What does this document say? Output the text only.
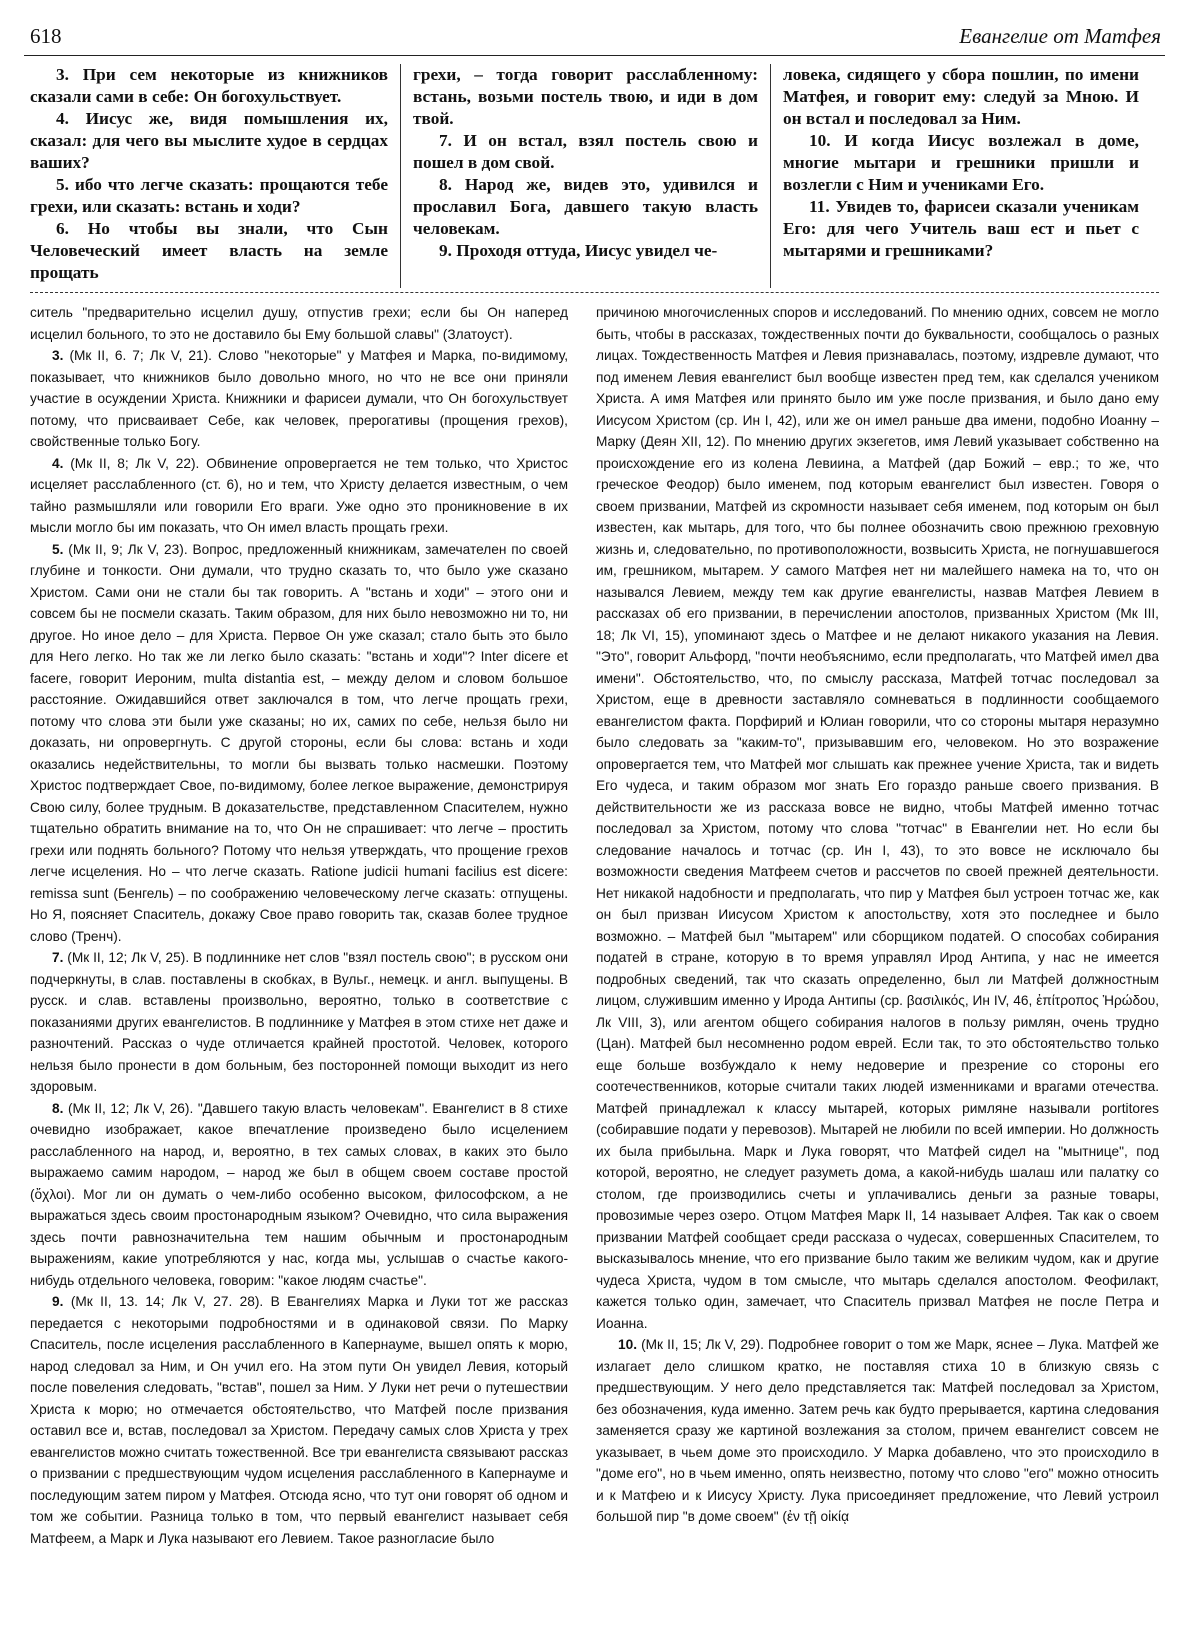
618	Евангелие от Матфея

3. При сем некоторые из книжников сказали сами в себе: Он богохульствует.

4. Иисус же, видя помышления их, сказал: для чего вы мыслите худое в сердцах ваших?

5. ибо что легче сказать: прощаются тебе грехи, или сказать: встань и ходи?

6. Но чтобы вы знали, что Сын Человеческий имеет власть на земле прощать

грехи, – тогда говорит расслабленному: встань, возьми постель твою, и иди в дом твой.

7. И он встал, взял постель свою и пошел в дом свой.

8. Народ же, видев это, удивился и прославил Бога, давшего такую власть человекам.

9. Проходя оттуда, Иисус увидел че-

ловека, сидящего у сбора пошлин, по имени Матфея, и говорит ему: следуй за Мною. И он встал и последовал за Ним.

10. И когда Иисус возлежал в доме, многие мытари и грешники пришли и возлегли с Ним и учениками Его.

11. Увидев то, фарисеи сказали ученикам Его: для чего Учитель ваш ест и пьет с мытарями и грешниками?

ситель "предварительно исцелил душу, отпустив грехи; если бы Он наперед исцелил больного, то это не доставило бы Ему большой славы" (Златоуст).

3. (Мк II, 6. 7; Лк V, 21). Слово "некоторые" у Матфея и Марка, по-видимому, показывает, что книжников было довольно много, но что не все они приняли участие в осуждении Христа. Книжники и фарисеи думали, что Он богохульствует потому, что присваивает Себе, как человек, прерогативы (прощения грехов), свойственные только Богу.

4. (Мк II, 8; Лк V, 22). Обвинение опровергается не тем только, что Христос исцеляет расслабленного (ст. 6), но и тем, что Христу делается известным, о чем тайно размышляли или говорили Его враги. Уже одно это проникновение в их мысли могло бы им показать, что Он имел власть прощать грехи.

5. (Мк II, 9; Лк V, 23). Вопрос, предложенный книжникам, замечателен по своей глубине и тонкости. Они думали, что трудно сказать то, что было уже сказано Христом. Сами они не стали бы так говорить. А "встань и ходи" – этого они и совсем бы не посмели сказать. Таким образом, для них было невозможно ни то, ни другое. Но иное дело – для Христа. Первое Он уже сказал; стало быть это было для Него легко. Но так же ли легко было сказать: "встань и ходи"? Inter dicere et facere, говорит Иероним, multa distantia est, – между делом и словом большое расстояние. Ожидавшийся ответ заключался в том, что легче прощать грехи, потому что слова эти были уже сказаны; но их, самих по себе, нельзя было ни доказать, ни опровергнуть. С другой стороны, если бы слова: встань и ходи оказались недействительны, то могли бы вызвать только насмешки. Поэтому Христос подтверждает Свое, по-видимому, более легкое выражение, демонстрируя Свою силу, более трудным. В доказательстве, представленном Спасителем, нужно тщательно обратить внимание на то, что Он не спрашивает: что легче – простить грехи или поднять больного? Потому что нельзя утверждать, что прощение грехов легче исцеления. Но – что легче сказать. Ratione judicii humani facilius est dicere: remissa sunt (Бенгель) – по соображению человеческому легче сказать: отпущены. Но Я, поясняет Спаситель, докажу Свое право говорить так, сказав более трудное слово (Тренч).

7. (Мк II, 12; Лк V, 25). В подлиннике нет слов "взял постель свою"; в русском они подчеркнуты, в слав. поставлены в скобках, в Вульг., немецк. и англ. выпущены. В русск. и слав. вставлены произвольно, вероятно, только в соответствие с показаниями других евангелистов. В подлиннике у Матфея в этом стихе нет даже и разночтений. Рассказ о чуде отличается крайней простотой. Человек, которого нельзя было пронести в дом больным, без посторонней помощи выходит из него здоровым.

8. (Мк II, 12; Лк V, 26). "Давшего такую власть человекам". Евангелист в 8 стихе очевидно изображает, какое впечатление произведено было исцелением расслабленного на народ, и, вероятно, в тех самых словах, в каких это было выражаемо самим народом, – народ же был в общем своем составе простой (ὄχλοι). Мог ли он думать о чем-либо особенно высоком, философском, а не выражаться здесь своим простонародным языком? Очевидно, что сила выражения здесь почти равнозначительна тем нашим обычным и простонародным выражениям, какие употребляются у нас, когда мы, услышав о счастье какого-нибудь отдельного человека, говорим: "какое людям счастье".

9. (Мк II, 13. 14; Лк V, 27. 28). В Евангелиях Марка и Луки тот же рассказ передается с некоторыми подробностями и в одинаковой связи. По Марку Спаситель, после исцеления расслабленного в Капернауме, вышел опять к морю, народ следовал за Ним, и Он учил его. На этом пути Он увидел Левия, который после повеления следовать, "встав", пошел за Ним. У Луки нет речи о путешествии Христа к морю; но отмечается обстоятельство, что Матфей после призвания оставил все и, встав, последовал за Христом. Передачу самых слов Христа у трех евангелистов можно считать тожественной. Все три евангелиста связывают рассказ о призвании с предшествующим чудом исцеления расслабленного в Капернауме и последующим затем пиром у Матфея. Отсюда ясно, что тут они говорят об одном и том же событии. Разница только в том, что первый евангелист называет себя Матфеем, а Марк и Лука называют его Левием. Такое разногласие было

причиною многочисленных споров и исследований. По мнению одних, совсем не могло быть, чтобы в рассказах, тождественных почти до буквальности, сообщалось о разных лицах. Тождественность Матфея и Левия признавалась, поэтому, издревле думают, что под именем Левия евангелист был вообще известен пред тем, как сделался учеником Христа. А имя Матфея или принято было им уже после призвания, и было дано ему Иисусом Христом (ср. Ин I, 42), или же он имел раньше два имени, подобно Иоанну – Марку (Деян XII, 12). По мнению других экзегетов, имя Левий указывает собственно на происхождение его из колена Левиина, а Матфей (дар Божий – евр.; то же, что греческое Феодор) было именем, под которым евангелист был известен. Говоря о своем призвании, Матфей из скромности называет себя именем, под которым он был известен, как мытарь, для того, что бы полнее обозначить свою прежнюю греховную жизнь и, следовательно, по противоположности, возвысить Христа, не погнушавшегося им, грешником, мытарем. У самого Матфея нет ни малейшего намека на то, что он назывался Левием, между тем как другие евангелисты, назвав Матфея Левием в рассказах об его призвании, в перечислении апостолов, призванных Христом (Мк III, 18; Лк VI, 15), упоминают здесь о Матфее и не делают никакого указания на Левия. "Это", говорит Альфорд, "почти необъяснимо, если предполагать, что Матфей имел два имени". Обстоятельство, что, по смыслу рассказа, Матфей тотчас последовал за Христом, еще в древности заставляло сомневаться в подлинности сообщаемого евангелистом факта. Порфирий и Юлиан говорили, что со стороны мытаря неразумно было следовать за "каким-то", призывавшим его, человеком. Но это возражение опровергается тем, что Матфей мог слышать как прежнее учение Христа, так и видеть Его чудеса, и таким образом мог знать Его гораздо раньше своего призвания. В действительности же из рассказа вовсе не видно, чтобы Матфей именно тотчас последовал за Христом, потому что слова "тотчас" в Евангелии нет. Но если бы следование началось и тотчас (ср. Ин I, 43), то это вовсе не исключало бы возможности сведения Матфеем счетов и рассчетов по своей прежней деятельности. Нет никакой надобности и предполагать, что пир у Матфея был устроен тотчас же, как он был призван Иисусом Христом к апостольству, хотя это последнее и было возможно. – Матфей был "мытарем" или сборщиком податей. О способах собирания податей в стране, которую в то время управлял Ирод Антипа, у нас не имеется подробных сведений, так что сказать определенно, был ли Матфей должностным лицом, служившим именно у Ирода Антипы (ср. βασιλικός, Ин IV, 46, ἐπίτροπος Ἡρώδου, Лк VIII, 3), или агентом общего собирания налогов в пользу римлян, очень трудно (Цан). Матфей был несомненно родом еврей. Если так, то это обстоятельство только еще больше возбуждало к нему недоверие и презрение со стороны его соотечественников, которые считали таких людей изменниками и врагами отечества. Матфей принадлежал к классу мытарей, которых римляне называли portitores (собиравшие подати у перевозов). Мытарей не любили по всей империи. Но должность их была прибыльна. Марк и Лука говорят, что Матфей сидел на "мытнице", под которой, вероятно, не следует разуметь дома, а какой-нибудь шалаш или палатку со столом, где производились счеты и уплачивались деньги за разные товары, провозимые через озеро. Отцом Матфея Марк II, 14 называет Алфея. Так как о своем призвании Матфей сообщает среди рассказа о чудесах, совершенных Спасителем, то высказывалось мнение, что его призвание было таким же великим чудом, как и другие чудеса Христа, чудом в том смысле, что мытарь сделался апостолом. Феофилакт, кажется только один, замечает, что Спаситель призвал Матфея не после Петра и Иоанна.

10. (Мк II, 15; Лк V, 29). Подробнее говорит о том же Марк, яснее – Лука. Матфей же излагает дело слишком кратко, не поставляя стиха 10 в близкую связь с предшествующим. У него дело представляется так: Матфей последовал за Христом, без обозначения, куда именно. Затем речь как будто прерывается, картина следования заменяется сразу же картиной возлежания за столом, причем евангелист совсем не указывает, в чьем доме это происходило. У Марка добавлено, что это происходило в "доме его", но в чьем именно, опять неизвестно, потому что слово "его" можно относить и к Матфею и к Иисусу Христу. Лука присоединяет предложение, что Левий устроил большой пир "в доме своем" (ἐν τῇ οἰκίᾳ
